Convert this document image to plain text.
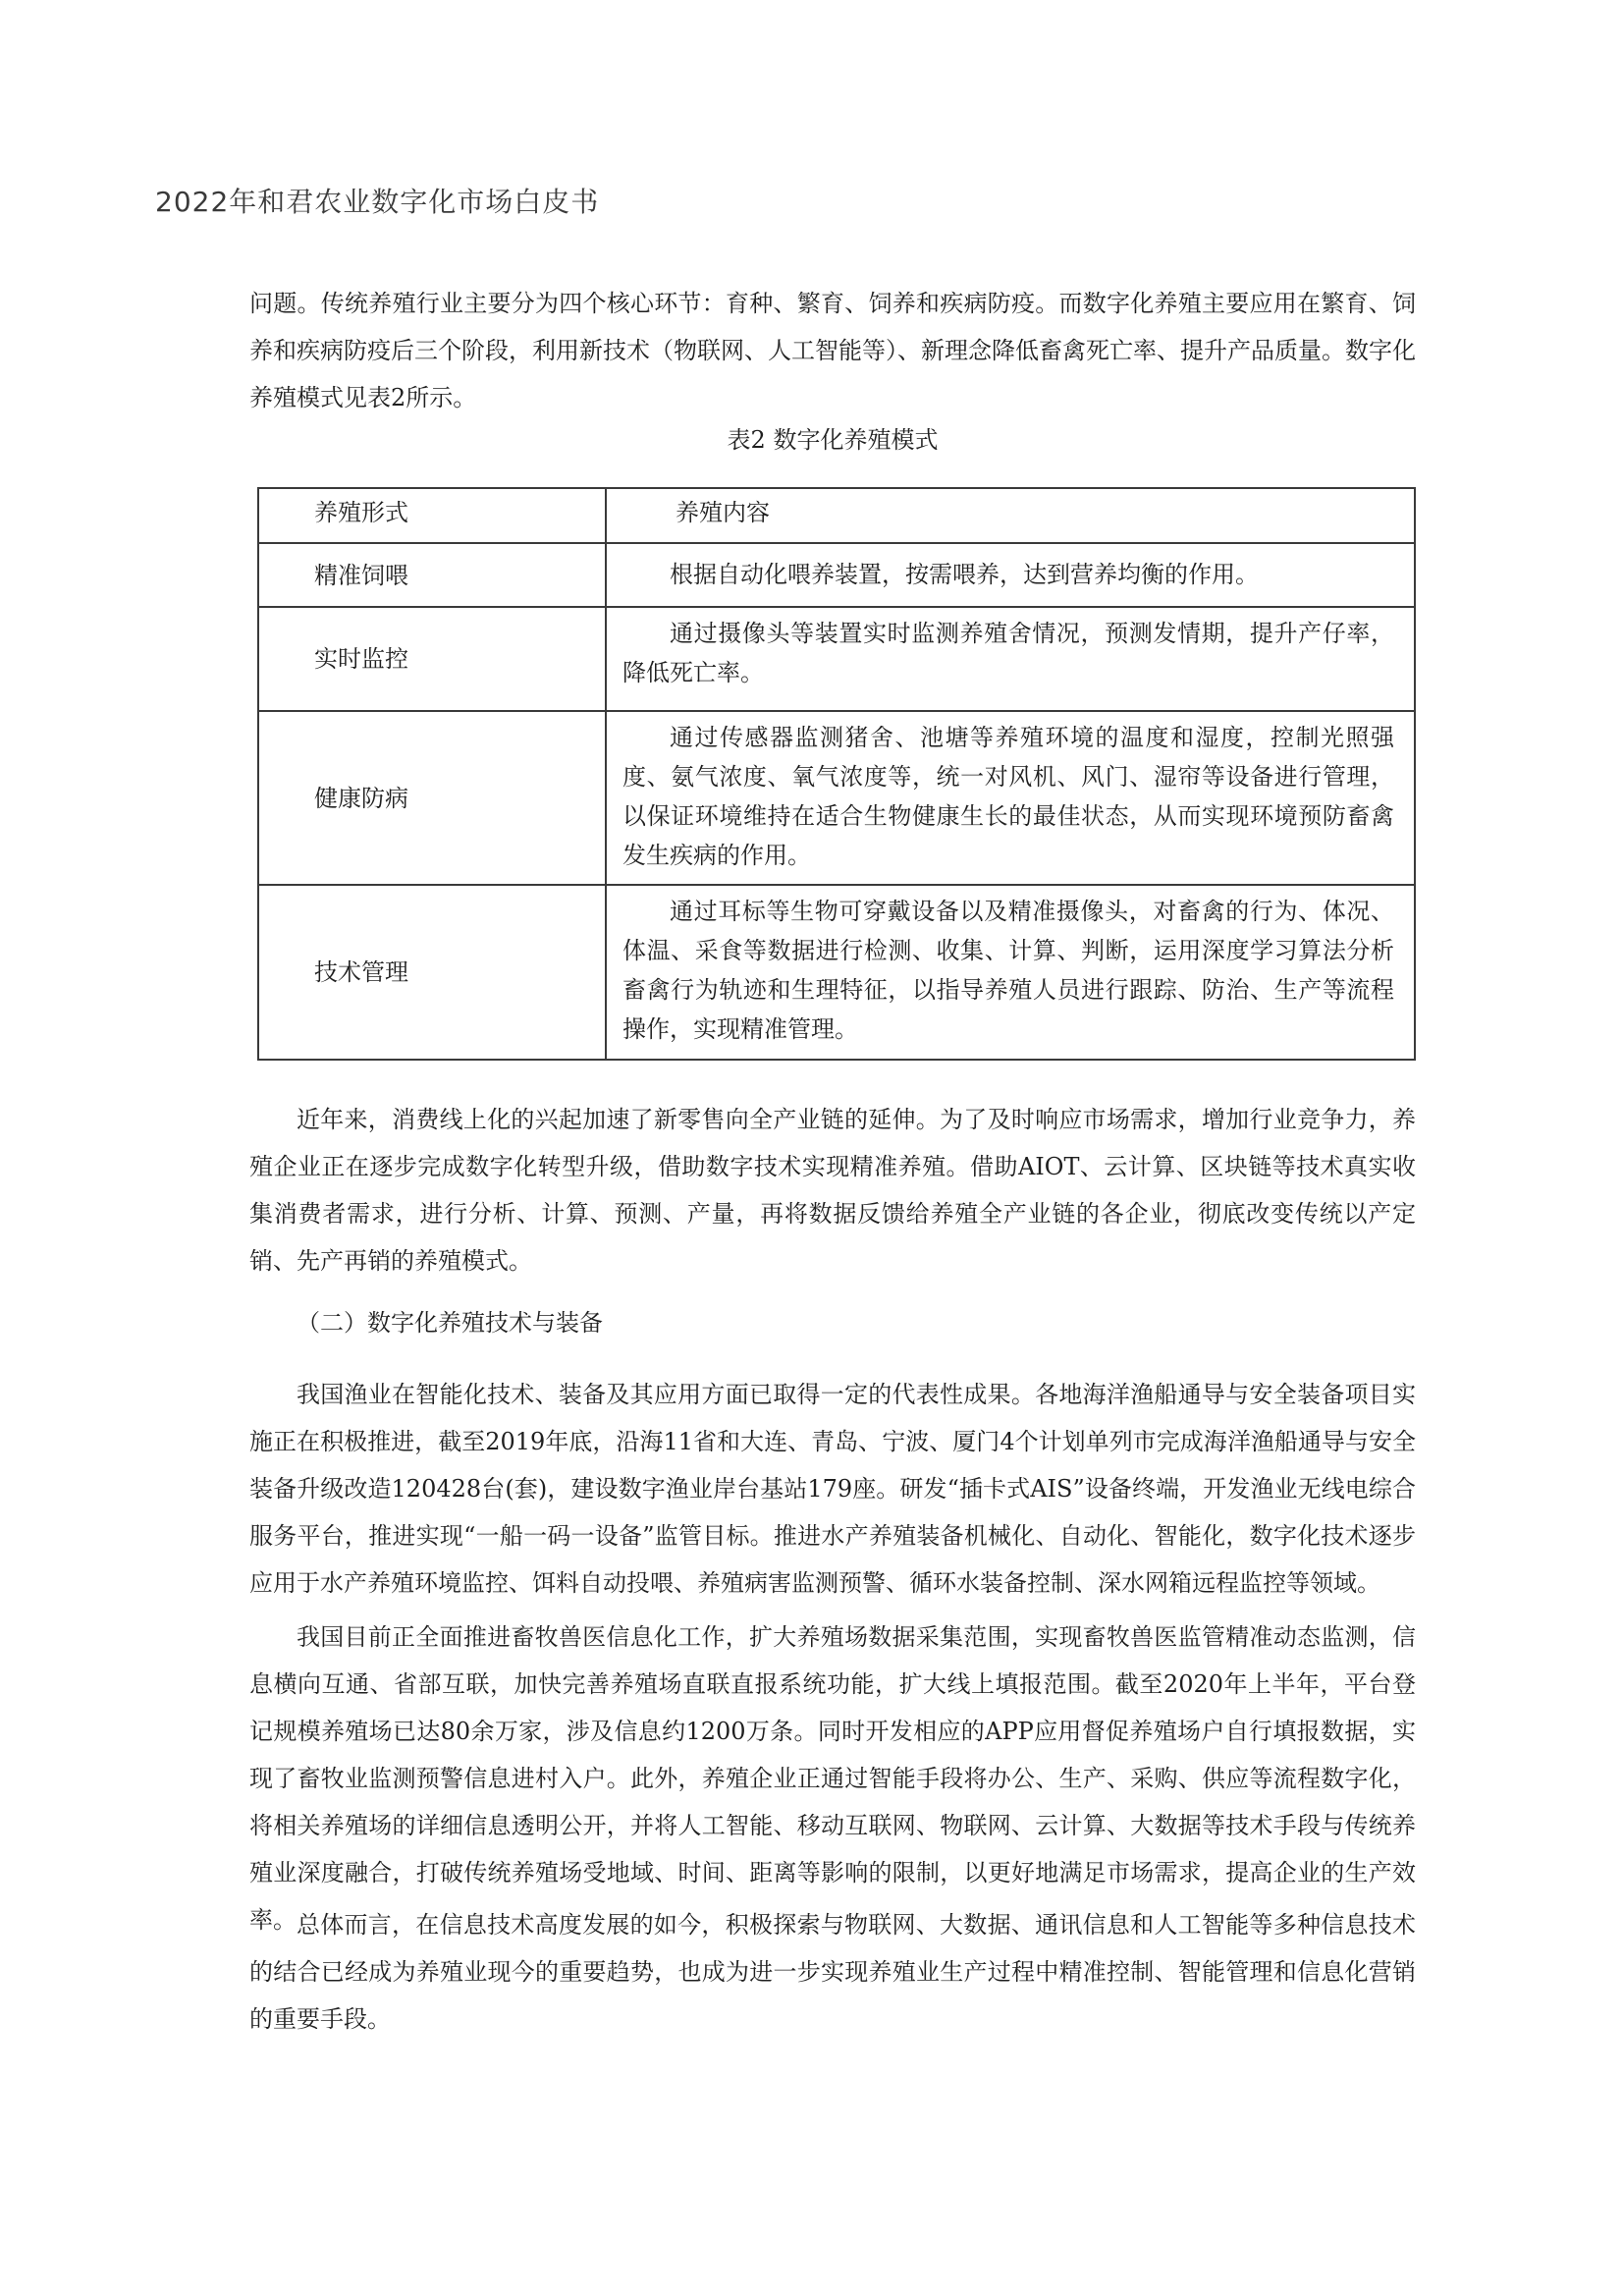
2022年和君农业数字化市场白皮书

问题。传统养殖行业主要分为四个核心环节：育种、繁育、饲养和疾病防疫。而数字化养殖主要应用在繁育、饲养和疾病防疫后三个阶段，利用新技术（物联网、人工智能等）、新理念降低畜禽死亡率、提升产品质量。数字化养殖模式见表2所示。

表2 数字化养殖模式
养殖形式	养殖内容
精准饲喂	根据自动化喂养装置，按需喂养，达到营养均衡的作用。
实时监控	通过摄像头等装置实时监测养殖舍情况，预测发情期，提升产仔率，降低死亡率。
健康防病	通过传感器监测猪舍、池塘等养殖环境的温度和湿度，控制光照强度、氨气浓度、氧气浓度等，统一对风机、风门、湿帘等设备进行管理，以保证环境维持在适合生物健康生长的最佳状态，从而实现环境预防畜禽发生疾病的作用。
技术管理	通过耳标等生物可穿戴设备以及精准摄像头，对畜禽的行为、体况、体温、采食等数据进行检测、收集、计算、判断，运用深度学习算法分析畜禽行为轨迹和生理特征，以指导养殖人员进行跟踪、防治、生产等流程操作，实现精准管理。

近年来，消费线上化的兴起加速了新零售向全产业链的延伸。为了及时响应市场需求，增加行业竞争力，养殖企业正在逐步完成数字化转型升级，借助数字技术实现精准养殖。借助AIOT、云计算、区块链等技术真实收集消费者需求，进行分析、计算、预测、产量，再将数据反馈给养殖全产业链的各企业，彻底改变传统以产定销、先产再销的养殖模式。

（二）数字化养殖技术与装备

我国渔业在智能化技术、装备及其应用方面已取得一定的代表性成果。各地海洋渔船通导与安全装备项目实施正在积极推进，截至2019年底，沿海11省和大连、青岛、宁波、厦门4个计划单列市完成海洋渔船通导与安全装备升级改造120428台(套)，建设数字渔业岸台基站179座。研发“插卡式AIS”设备终端，开发渔业无线电综合服务平台，推进实现“一船一码一设备”监管目标。推进水产养殖装备机械化、自动化、智能化，数字化技术逐步应用于水产养殖环境监控、饵料自动投喂、养殖病害监测预警、循环水装备控制、深水网箱远程监控等领域。

我国目前正全面推进畜牧兽医信息化工作，扩大养殖场数据采集范围，实现畜牧兽医监管精准动态监测，信息横向互通、省部互联，加快完善养殖场直联直报系统功能，扩大线上填报范围。截至2020年上半年，平台登记规模养殖场已达80余万家，涉及信息约1200万条。同时开发相应的APP应用督促养殖场户自行填报数据，实现了畜牧业监测预警信息进村入户。此外，养殖企业正通过智能手段将办公、生产、采购、供应等流程数字化，将相关养殖场的详细信息透明公开，并将人工智能、移动互联网、物联网、云计算、大数据等技术手段与传统养殖业深度融合，打破传统养殖场受地域、时间、距离等影响的限制，以更好地满足市场需求，提高企业的生产效率。 总体而言，在信息技术高度发展的如今，积极探索与物联网、大数据、通讯信息和人工智能等多种信息技术的结合已经成为养殖业现今的重要趋势，也成为进一步实现养殖业生产过程中精准控制、智能管理和信息化营销的重要手段。
